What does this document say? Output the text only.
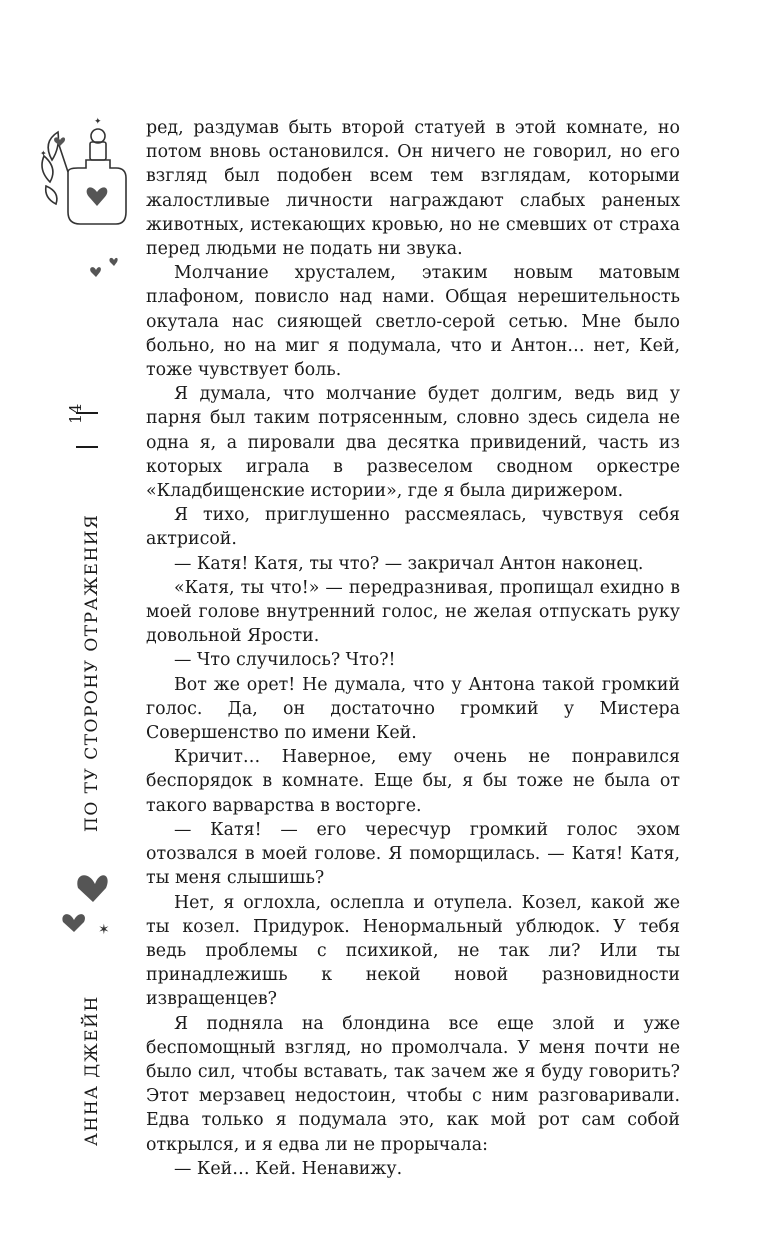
✦
✦
14
АННА ДЖЕЙН
ПО ТУ СТОРОНУ ОТРАЖЕНИЯ
✶

ред, раздумав быть второй статуей в этой комнате, но потом вновь остановился. Он ничего не говорил, но его взгляд был подобен всем тем взглядам, которыми жалостливые личности награждают слабых раненых животных, истекающих кровью, но не смевших от страха перед людьми не подать ни звука.

Молчание хрусталем, этаким новым матовым плафоном, повисло над нами. Общая нерешительность окутала нас сияющей светло-серой сетью. Мне было больно, но на миг я подумала, что и Антон… нет, Кей, тоже чувствует боль.

Я думала, что молчание будет долгим, ведь вид у парня был таким потрясенным, словно здесь сидела не одна я, а пировали два десятка привидений, часть из которых играла в развеселом сводном оркестре «Кладбищенские истории», где я была дирижером.

Я тихо, приглушенно рассмеялась, чувствуя себя актрисой.

— Катя! Катя, ты что? — закричал Антон наконец.

«Катя, ты что!» — передразнивая, пропищал ехидно в моей голове внутренний голос, не желая отпускать руку довольной Ярости.

— Что случилось? Что?!

Вот же орет! Не думала, что у Антона такой громкий голос. Да, он достаточно громкий у Мистера Совершенство по имени Кей.

Кричит… Наверное, ему очень не понравился беспорядок в комнате. Еще бы, я бы тоже не была от такого варварства в восторге.

— Катя! — его чересчур громкий голос эхом отозвался в моей голове. Я поморщилась. — Катя! Катя, ты меня слышишь?

Нет, я оглохла, ослепла и отупела. Козел, какой же ты козел. Придурок. Ненормальный ублюдок. У тебя ведь проблемы с психикой, не так ли? Или ты принадлежишь к некой новой разновидности извращенцев?

Я подняла на блондина все еще злой и уже беспомощный взгляд, но промолчала. У меня почти не было сил, чтобы вставать, так зачем же я буду говорить? Этот мерзавец недостоин, чтобы с ним разговаривали. Едва только я подумала это, как мой рот сам собой открылся, и я едва ли не прорычала:

— Кей… Кей. Ненавижу.
